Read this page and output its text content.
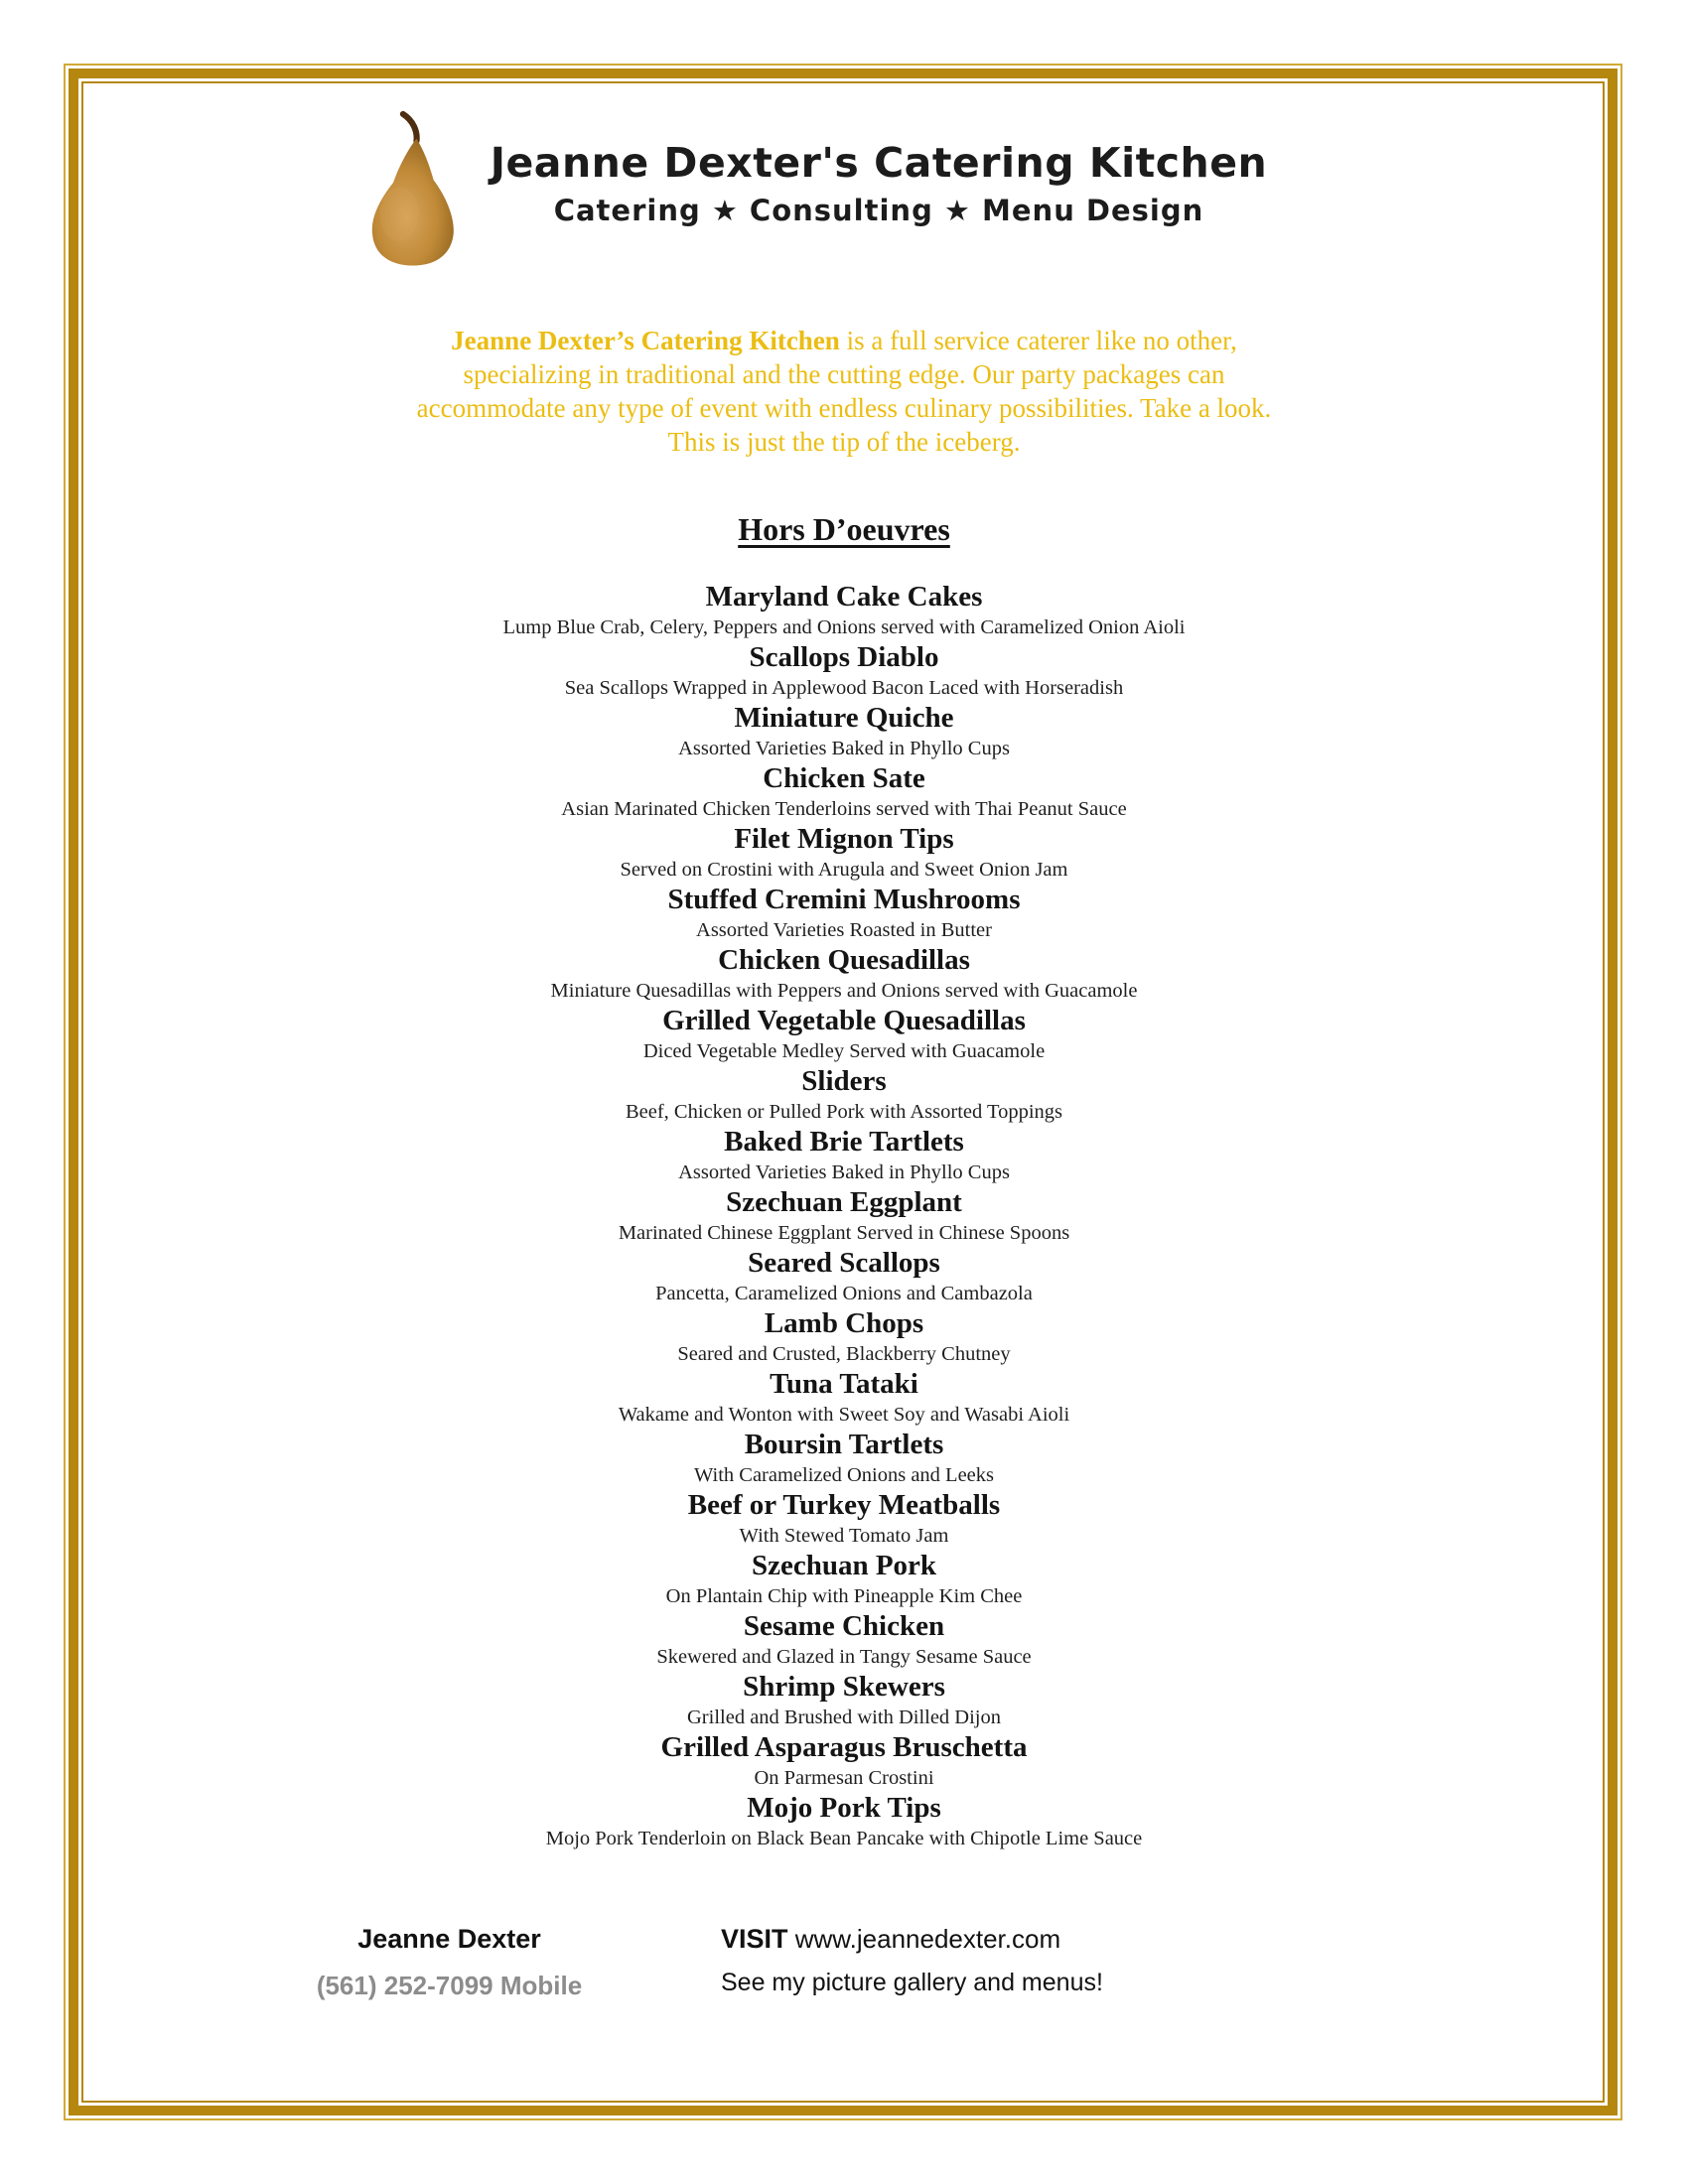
Jeanne Dexter's Catering Kitchen
Catering ★ Consulting ★ Menu Design

Jeanne Dexter’s Catering Kitchen is a full service caterer like no other, specializing in traditional and the cutting edge. Our party packages can accommodate any type of event with endless culinary possibilities. Take a look. This is just the tip of the iceberg.

Hors D’oeuvres
Maryland Cake Cakes
Lump Blue Crab, Celery, Peppers and Onions served with Caramelized Onion Aioli
Scallops Diablo
Sea Scallops Wrapped in Applewood Bacon Laced with Horseradish
Miniature Quiche
Assorted Varieties Baked in Phyllo Cups
Chicken Sate
Asian Marinated Chicken Tenderloins served with Thai Peanut Sauce
Filet Mignon Tips
Served on Crostini with Arugula and Sweet Onion Jam
Stuffed Cremini Mushrooms
Assorted Varieties Roasted in Butter
Chicken Quesadillas
Miniature Quesadillas with Peppers and Onions served with Guacamole
Grilled Vegetable Quesadillas
Diced Vegetable Medley Served with Guacamole
Sliders
Beef, Chicken or Pulled Pork with Assorted Toppings
Baked Brie Tartlets
Assorted Varieties Baked in Phyllo Cups
Szechuan Eggplant
Marinated Chinese Eggplant Served in Chinese Spoons
Seared Scallops
Pancetta, Caramelized Onions and Cambazola
Lamb Chops
Seared and Crusted, Blackberry Chutney
Tuna Tataki
Wakame and Wonton with Sweet Soy and Wasabi Aioli
Boursin Tartlets
With Caramelized Onions and Leeks
Beef or Turkey Meatballs
With Stewed Tomato Jam
Szechuan Pork
On Plantain Chip with Pineapple Kim Chee
Sesame Chicken
Skewered and Glazed in Tangy Sesame Sauce
Shrimp Skewers
Grilled and Brushed with Dilled Dijon
Grilled Asparagus Bruschetta
On Parmesan Crostini
Mojo Pork Tips
Mojo Pork Tenderloin on Black Bean Pancake with Chipotle Lime Sauce
Jeanne Dexter
(561) 252-7099 Mobile
VISIT www.jeannedexter.com
See my picture gallery and menus!
